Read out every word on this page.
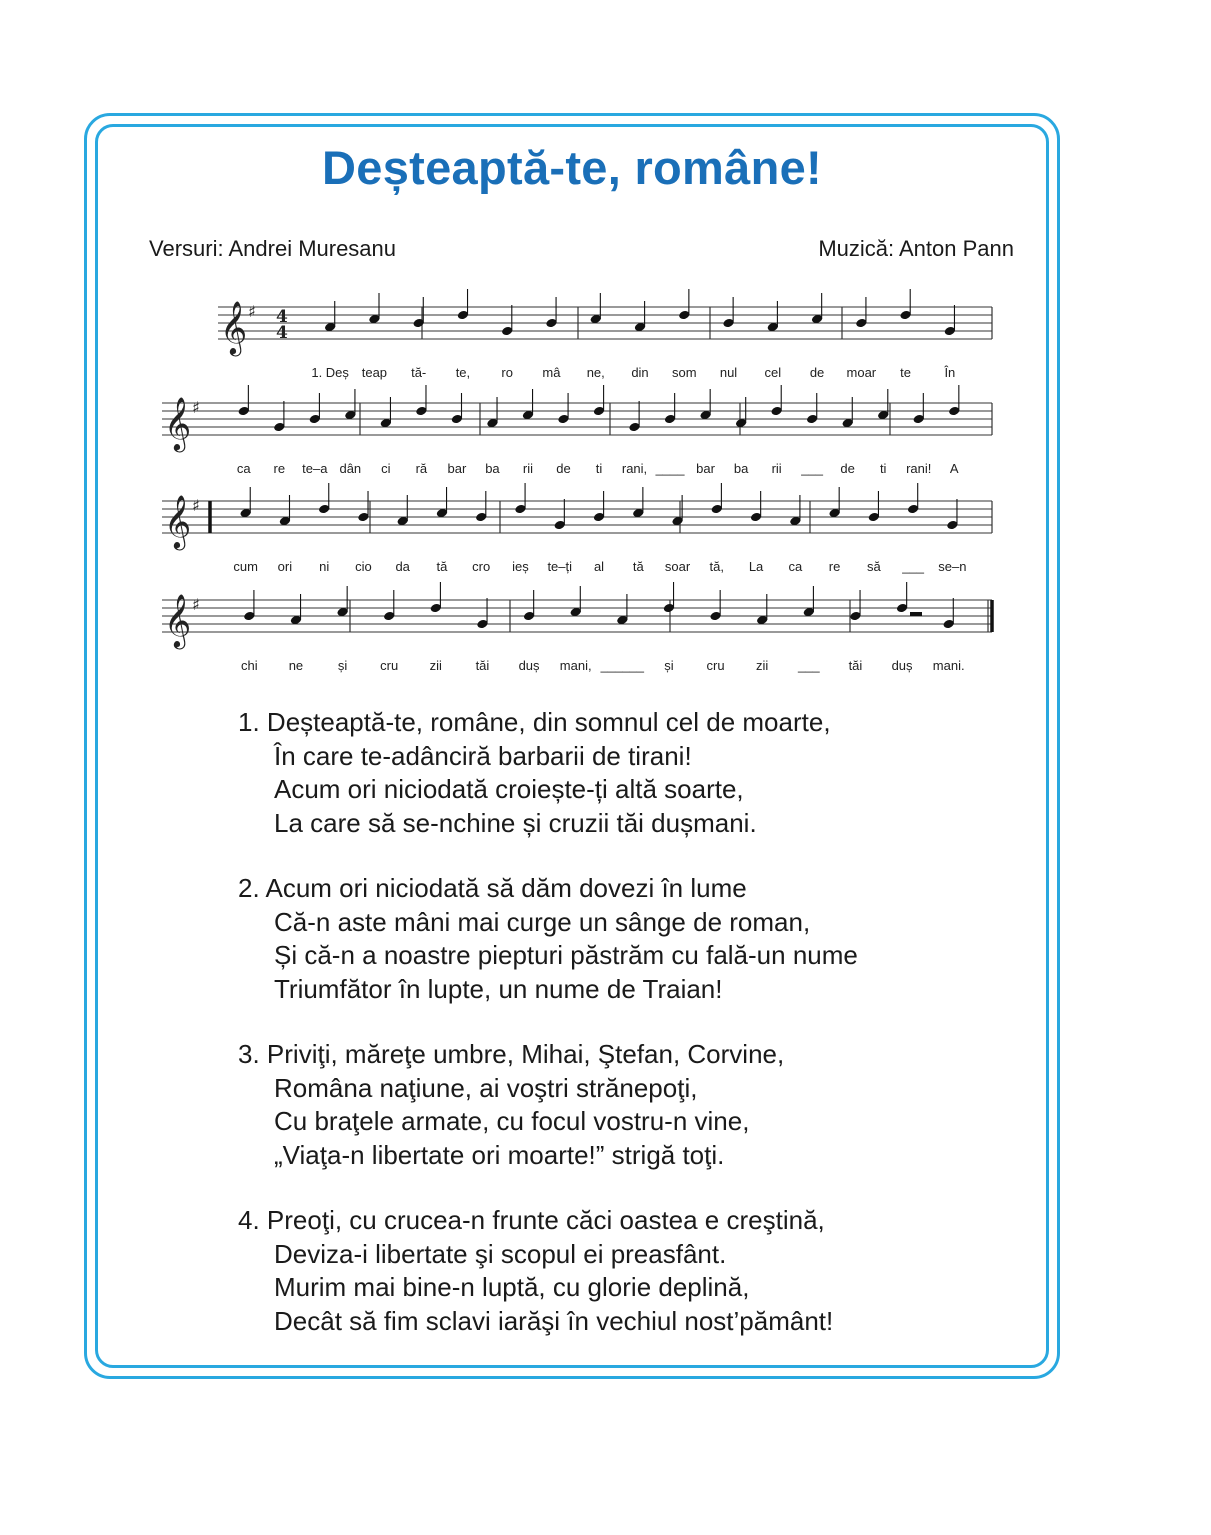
Deșteaptă-te, române!
Versuri: Andrei Muresanu	Muzică: Anton Pann
𝄞 ♯ 4
4
1. Deș teap tă- te, ro mâ ne, din som nul cel de moar te	În
𝄞 ♯
ca re te–a dân ci ră bar ba rii de ti rani, ____ bar ba rii ___ de ti rani! A
𝄞 ♯
cum ori ni cio da tă cro ieș te–ți al tă soar tă, La ca re să ___ se–n
𝄞 ♯
chi ne	și	cru zii	tăi duș mani, ______ și	cru zii ___ tăi duș mani.
1. Deșteaptă-te, române, din somnul cel de moarte,
În care te-adânciră barbarii de tirani!
Acum ori niciodată croiește-ți altă soarte,
La care să se-nchine și cruzii tăi dușmani.
2. Acum ori niciodată să dăm dovezi în lume
Că-n aste mâni mai curge un sânge de roman,
Și că-n a noastre piepturi păstrăm cu fală-un nume
Triumfător în lupte, un nume de Traian!
3. Priviţi, măreţe umbre, Mihai, Ştefan, Corvine,
Româna naţiune, ai voştri strănepoţi,
Cu braţele armate, cu focul vostru-n vine,
„Viaţa-n libertate ori moarte!” strigă toţi.
4. Preoţi, cu crucea-n frunte căci oastea e creştină,
Deviza-i libertate şi scopul ei preasfânt.
Murim mai bine-n luptă, cu glorie deplină,
Decât să fim sclavi iarăşi în vechiul nost’pământ!
